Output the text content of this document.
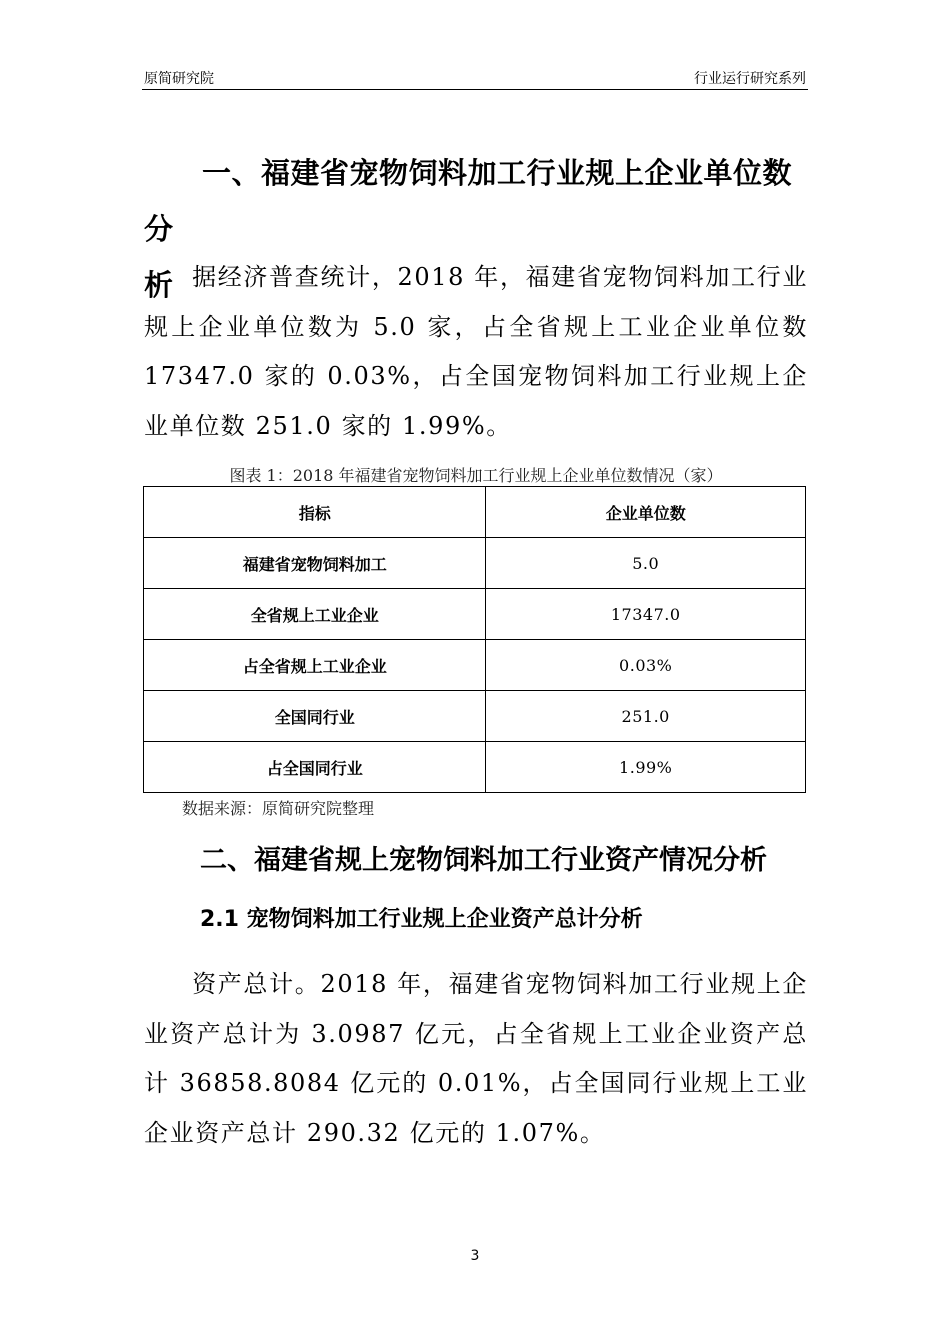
原简研究院	行业运行研究系列
一、福建省宠物饲料加工行业规上企业单位数分
析 据经济普查统计，2018 年，福建省宠物饲料加工行业规上企业单位数为 5.0 家，占全省规上工业企业单位数 17347.0 家的 0.03%，占全国宠物饲料加工行业规上企业单位数 251.0 家的 1.99%。
图表 1：2018 年福建省宠物饲料加工行业规上企业单位数情况（家）
指标	企业单位数
福建省宠物饲料加工	5.0
全省规上工业企业	17347.0
占全省规上工业企业	0.03%
全国同行业	251.0
占全国同行业	1.99%
数据来源：原简研究院整理
二、福建省规上宠物饲料加工行业资产情况分析
2.1 宠物饲料加工行业规上企业资产总计分析
资产总计。2018 年，福建省宠物饲料加工行业规上企业资产总计为 3.0987 亿元，占全省规上工业企业资产总计 36858.8084 亿元的 0.01%，占全国同行业规上工业企业资产总计 290.32 亿元的 1.07%。
3
